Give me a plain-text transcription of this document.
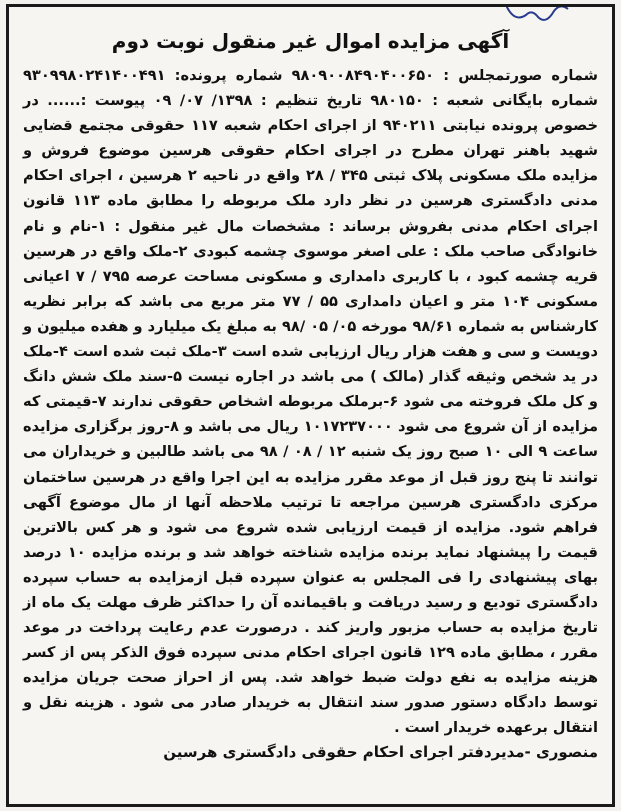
آگهی مزایده اموال غیر منقول نوبت دوم

شماره صورتمجلس : ۹۸۰۹۰۰۸۴۹۰۴۰۰۶۵۰ شماره پرونده: ۹۳۰۹۹۸۰۲۴۱۴۰۰۴۹۱ شماره بایگانی شعبه : ۹۸۰۱۵۰ تاریخ تنظیم : ۱۳۹۸/ ۰۷/ ۰۹ پیوست :...... در خصوص پرونده نیابتی ۹۴۰۲۱۱ از اجرای احکام شعبه ۱۱۷ حقوقی مجتمع قضایی شهید باهنر تهران مطرح در اجرای احکام حقوقی هرسین موضوع فروش و مزایده ملک مسکونی پلاک ثبتی ۳۴۵ / ۲۸ واقع در ناحیه ۲ هرسین ، اجرای احکام مدنی دادگستری هرسین در نظر دارد ملک مربوطه را مطابق ماده ۱۱۳ قانون اجرای احکام مدنی بفروش برساند : مشخصات مال غیر منقول : ۱-نام و نام خانوادگی صاحب ملک : علی اصغر موسوی چشمه کبودی ۲-ملک واقع در هرسین قریه چشمه کبود ، با کاربری دامداری و مسکونی مساحت عرصه ۷۹۵ / ۷ اعیانی مسکونی ۱۰۴ متر و اعیان دامداری ۵۵ / ۷۷ متر مربع می باشد که برابر نظریه کارشناس به شماره ۹۸/۶۱ مورخه ۰۵/ ۰۵ /۹۸ به مبلغ یک میلیارد و هفده میلیون و دویست و سی و هفت هزار ریال ارزیابی شده است ۳-ملک ثبت شده است ۴-ملک در ید شخص وثیقه گذار (مالک ) می باشد در اجاره نیست ۵-سند ملک شش دانگ و کل ملک فروخته می شود ۶-برملک مربوطه اشخاص حقوقی ندارند ۷-قیمتی که مزایده از آن شروع می شود ۱۰۱۷۲۳۷۰۰۰ ریال می باشد و ۸-روز برگزاری مزایده ساعت ۹ الی ۱۰ صبح روز یک شنبه ۱۲ / ۰۸ / ۹۸ می باشد طالبین و خریداران می توانند تا پنج روز قبل از موعد مقرر مزایده به این اجرا واقع در هرسین ساختمان مرکزی دادگستری هرسین مراجعه تا ترتیب ملاحظه آنها از مال موضوع آگهی فراهم شود. مزایده از قیمت ارزیابی شده شروع می شود و هر کس بالاترین قیمت را پیشنهاد نماید برنده مزایده شناخته خواهد شد و برنده مزایده ۱۰ درصد بهای پیشنهادی را فی المجلس به عنوان سپرده قبل ازمزایده به حساب سپرده دادگستری تودیع و رسید دریافت و باقیمانده آن را حداکثر ظرف مهلت یک ماه از تاریخ مزایده به حساب مزبور واریز کند . درصورت عدم رعایت پرداخت در موعد مقرر ، مطابق ماده ۱۲۹ قانون اجرای احکام مدنی سپرده فوق الذکر پس از کسر هزینه مزایده به نفع دولت ضبط خواهد شد. پس از احراز صحت جریان مزایده توسط دادگاه دستور صدور سند انتقال به خریدار صادر می شود . هزینه نقل و انتقال برعهده خریدار است .

منصوری -مدیردفتر اجرای احکام حقوقی دادگستری هرسین
